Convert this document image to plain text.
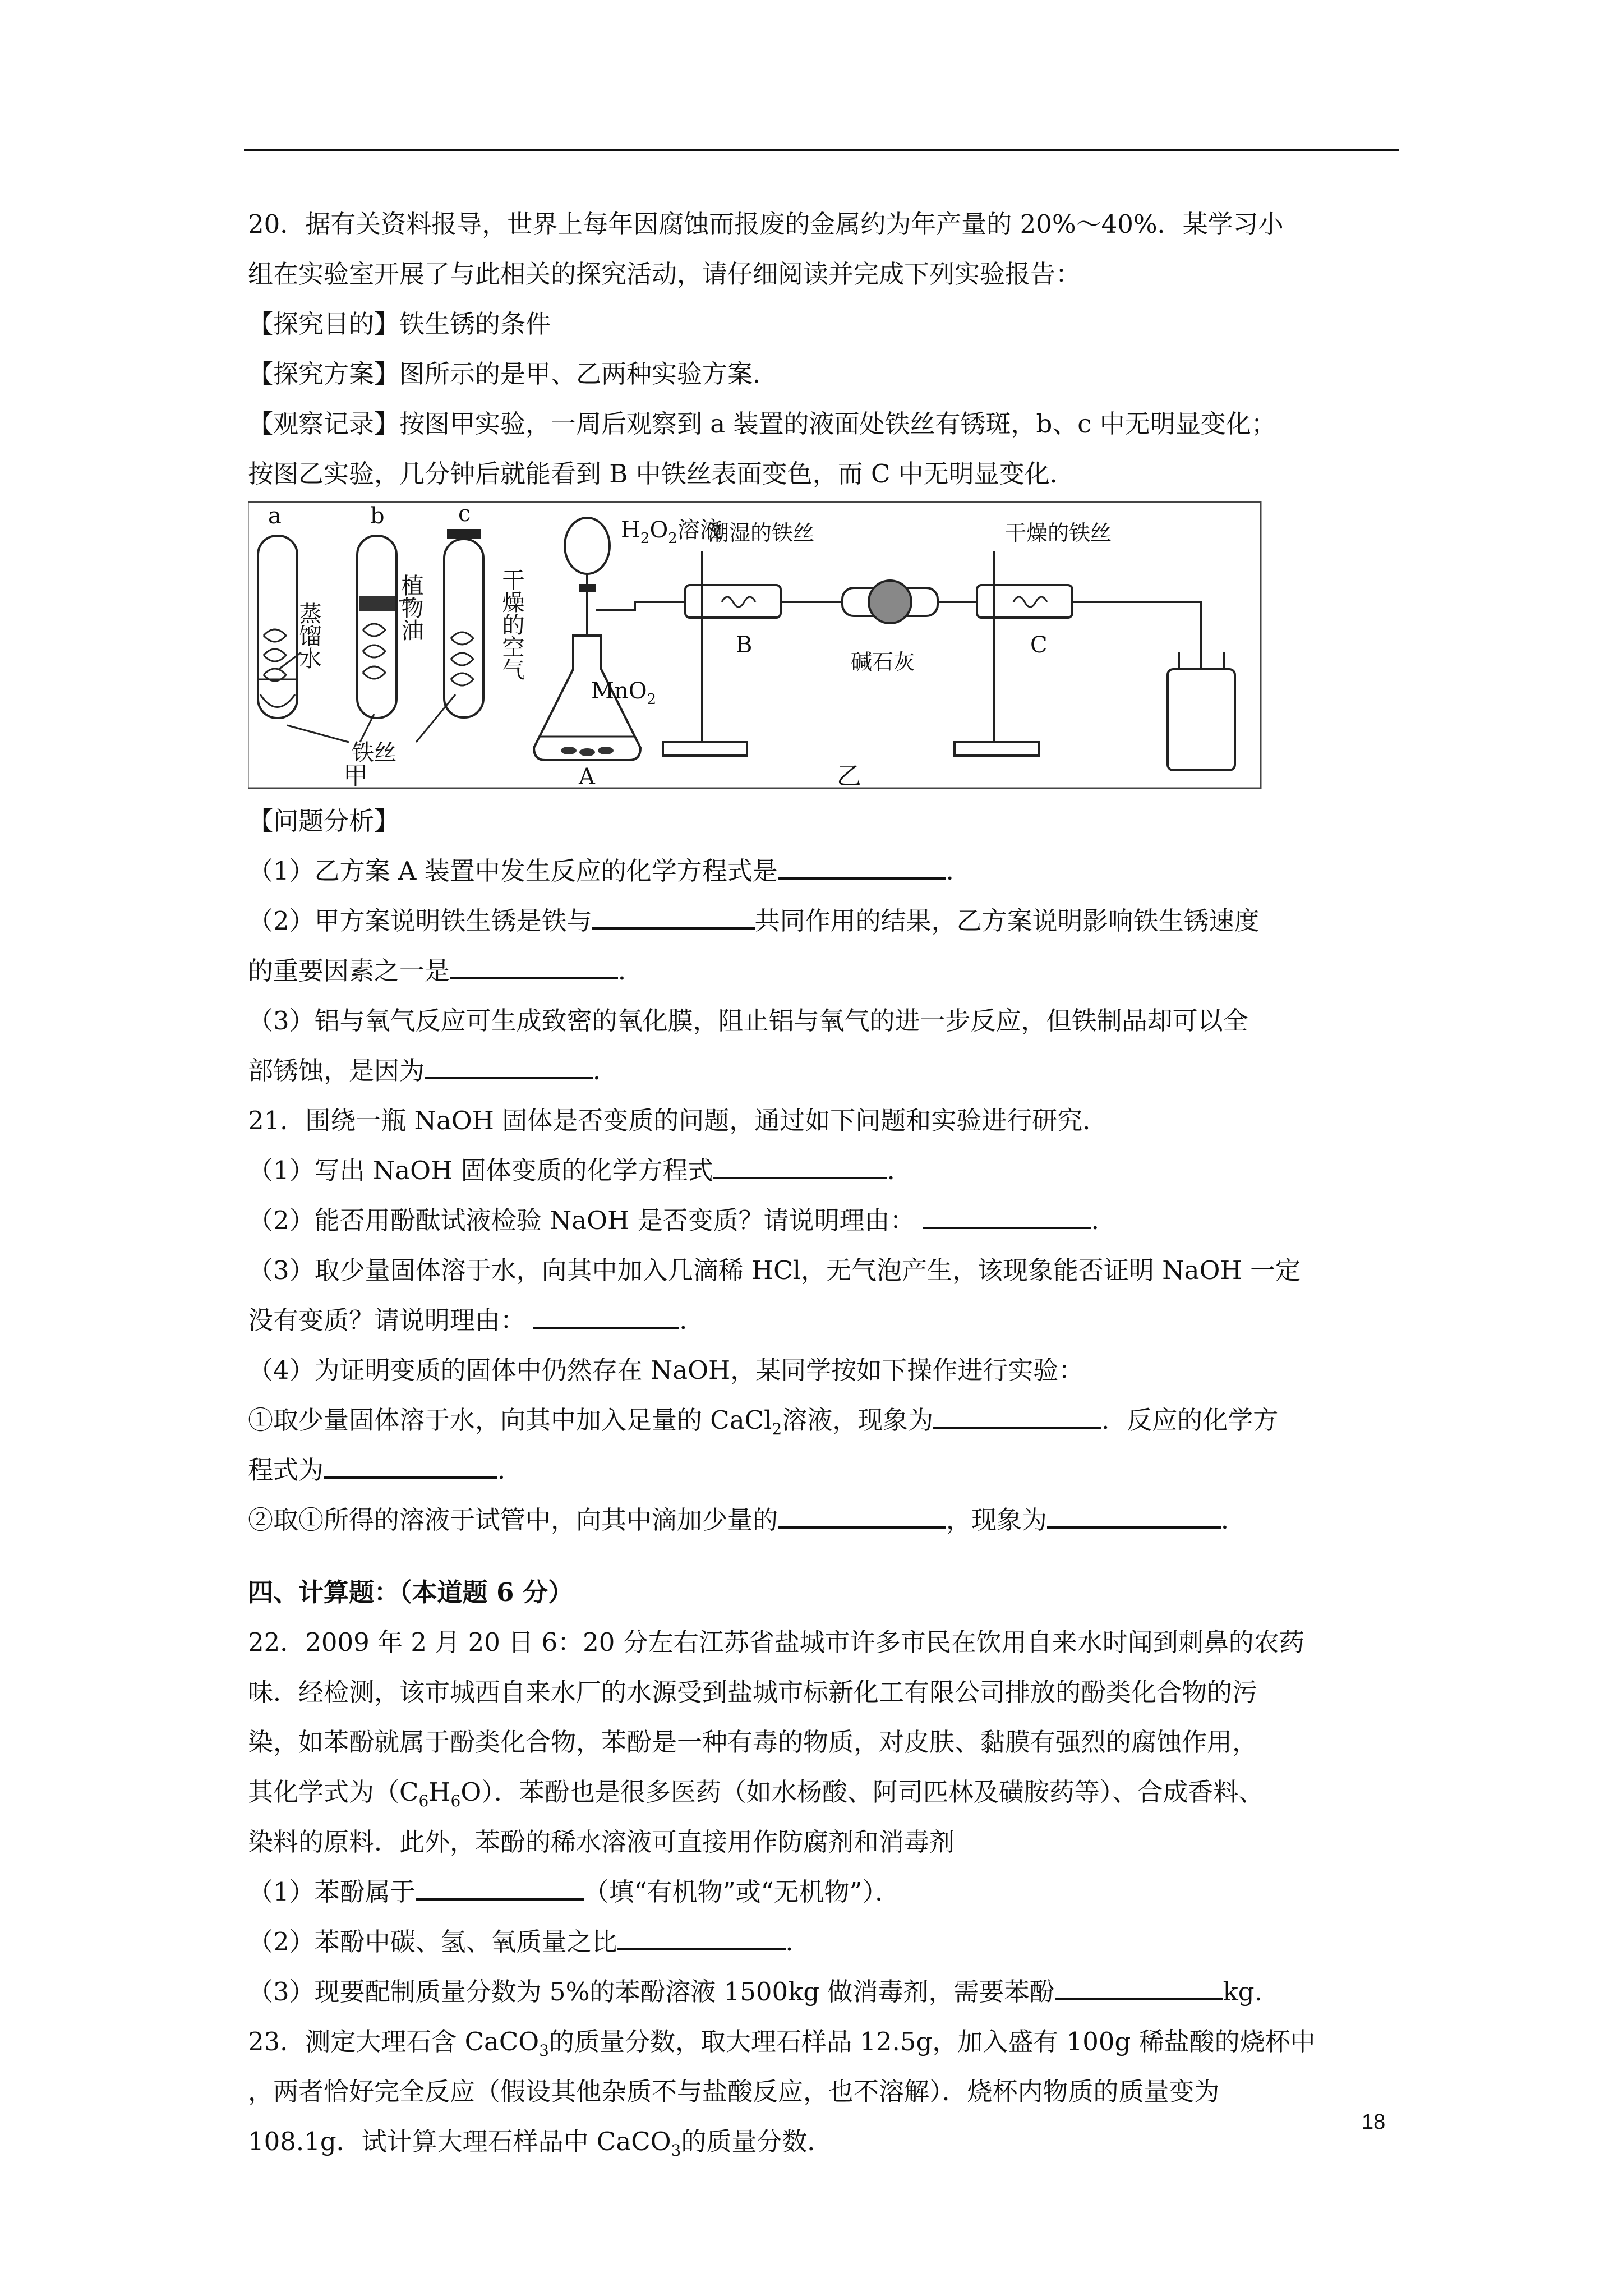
20．据有关资料报导，世界上每年因腐蚀而报废的金属约为年产量的 20%～40%．某学习小
组在实验室开展了与此相关的探究活动，请仔细阅读并完成下列实验报告：
【探究目的】铁生锈的条件
【探究方案】图所示的是甲、乙两种实验方案．
【观察记录】按图甲实验，一周后观察到 a 装置的液面处铁丝有锈斑，b、c 中无明显变化；
按图乙实验，几分钟后就能看到 B 中铁丝表面变色，而 C 中无明显变化．
a	b	c
蒸馏水	植物油
铁丝
甲
干燥的空气
$H_2O_2$溶液
MnO$_2$
A
潮湿的铁丝
B
碱石灰
干燥的铁丝
C
乙
【问题分析】
（1）乙方案 A 装置中发生反应的化学方程式是	．
（2）甲方案说明铁生锈是铁与	共同作用的结果，乙方案说明影响铁生锈速度
的重要因素之一是	．
（3）铝与氧气反应可生成致密的氧化膜，阻止铝与氧气的进一步反应，但铁制品却可以全
部锈蚀，是因为	．
21．围绕一瓶 NaOH 固体是否变质的问题，通过如下问题和实验进行研究．
（1）写出 NaOH 固体变质的化学方程式	．
（2）能否用酚酞试液检验 NaOH 是否变质？请说明理由：	．
（3）取少量固体溶于水，向其中加入几滴稀 HCl，无气泡产生，该现象能否证明 NaOH 一定
没有变质？请说明理由：	．
（4）为证明变质的固体中仍然存在 NaOH，某同学按如下操作进行实验：
①取少量固体溶于水，向其中加入足量的 CaCl$_2$溶液，现象为	．反应的化学方
程式为	．
②取①所得的溶液于试管中，向其中滴加少量的	，现象为	．
四、计算题：（本道题 6 分）
22．2009 年 2 月 20 日 6：20 分左右江苏省盐城市许多市民在饮用自来水时闻到刺鼻的农药
味．经检测，该市城西自来水厂的水源受到盐城市标新化工有限公司排放的酚类化合物的污
染，如苯酚就属于酚类化合物，苯酚是一种有毒的物质，对皮肤、黏膜有强烈的腐蚀作用，
其化学式为$(C_6H_6O)$．苯酚也是很多医药（如水杨酸、阿司匹林及磺胺药等）、合成香料、
染料的原料．此外，苯酚的稀水溶液可直接用作防腐剂和消毒剂
（1）苯酚属于	（填“有机物”或“无机物”）．
（2）苯酚中碳、氢、氧质量之比	．
（3）现要配制质量分数为 5%的苯酚溶液 1500kg 做消毒剂，需要苯酚	kg.
23．测定大理石含 CaCO$_3$的质量分数，取大理石样品 12.5g，加入盛有 100g 稀盐酸的烧杯中
，两者恰好完全反应（假设其他杂质不与盐酸反应，也不溶解）．烧杯内物质的质量变为
108.1g．试计算大理石样品中 CaCO$_3$的质量分数．
18
